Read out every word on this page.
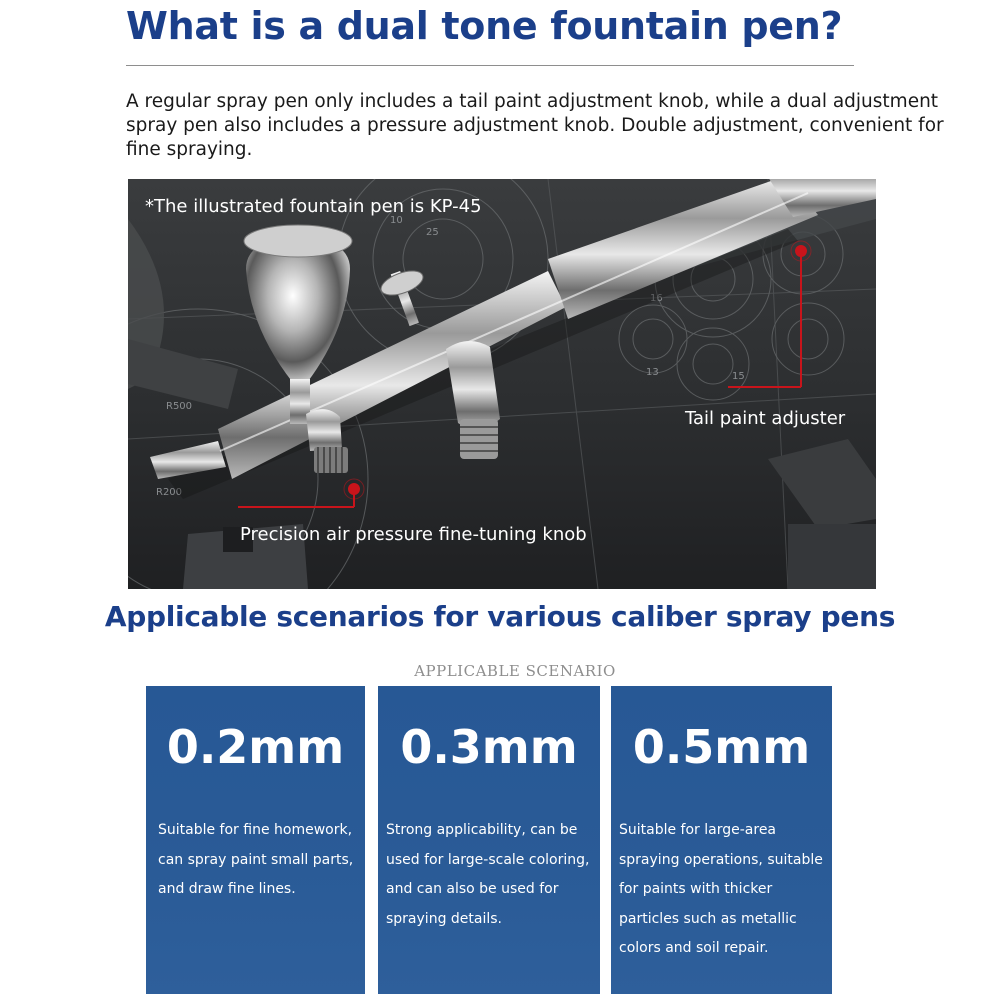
What is a dual tone fountain pen?

A regular spray pen only includes a tail paint adjustment knob, while a dual adjustment spray pen also includes a pressure adjustment knob. Double adjustment, convenient for fine spraying.

R500
R200
25
16
13	15
10
*The illustrated fountain pen is KP-45
Tail paint adjuster
Precision air pressure fine-tuning knob
Applicable scenarios for various caliber spray pens
APPLICABLE SCENARIO
0.2mm
Suitable for fine homework,
can spray paint small parts,
and draw fine lines.
0.3mm
Strong applicability, can be
used for large-scale coloring,
and can also be used for
spraying details.
0.5mm
Suitable for large-area
spraying operations, suitable
for paints with thicker
particles such as metallic
colors and soil repair.
